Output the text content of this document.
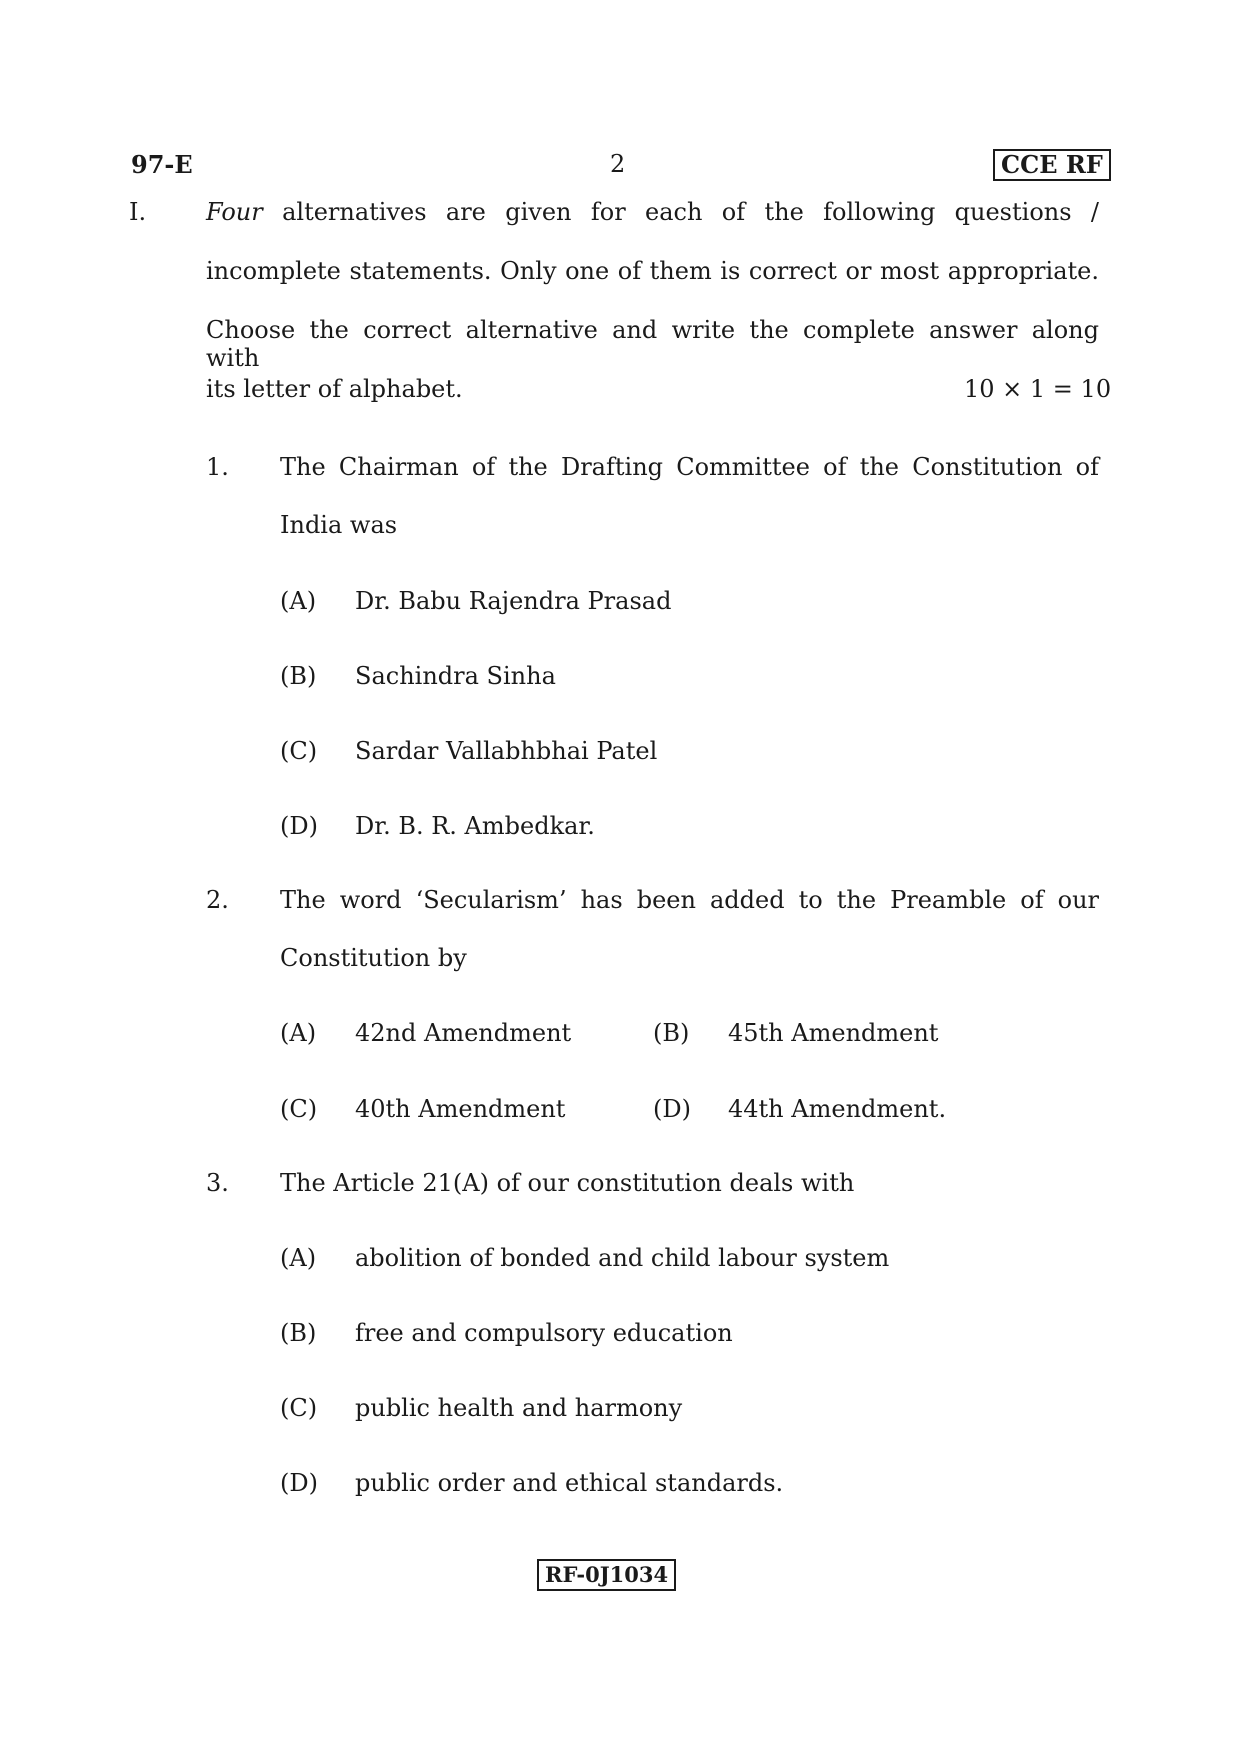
97-E	2	CCE RF
I. Four alternatives are given for each of the following questions /
incomplete statements. Only one of them is correct or most appropriate.
Choose the correct alternative and write the complete answer along with
its letter of alphabet.	10 × 1 = 10
1. The Chairman of the Drafting Committee of the Constitution of
India was
(A) Dr. Babu Rajendra Prasad
(B) Sachindra Sinha
(C) Sardar Vallabhbhai Patel
(D) Dr. B. R. Ambedkar.
2. The word ‘Secularism’ has been added to the Preamble of our
Constitution by
(A) 42nd Amendment	(B) 45th Amendment
(C) 40th Amendment	(D) 44th Amendment.
3. The Article 21(A) of our constitution deals with
(A) abolition of bonded and child labour system
(B) free and compulsory education
(C) public health and harmony
(D) public order and ethical standards.
RF-0J1034
